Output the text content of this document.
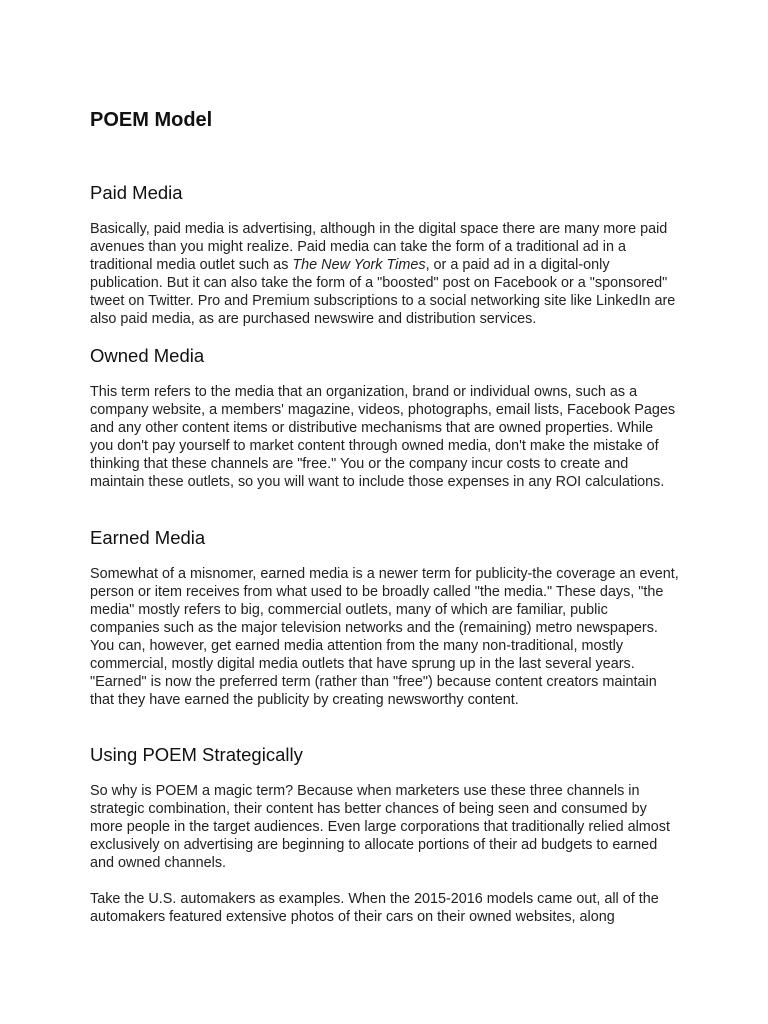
POEM Model
Paid Media

Basically, paid media is advertising, although in the digital space there are many more paid avenues than you might realize. Paid media can take the form of a traditional ad in a traditional media outlet such as The New York Times, or a paid ad in a digital-only publication. But it can also take the form of a "boosted" post on Facebook or a "sponsored" tweet on Twitter. Pro and Premium subscriptions to a social networking site like LinkedIn are also paid media, as are purchased newswire and distribution services.

Owned Media

This term refers to the media that an organization, brand or individual owns, such as a company website, a members' magazine, videos, photographs, email lists, Facebook Pages and any other content items or distributive mechanisms that are owned properties. While you don't pay yourself to market content through owned media, don't make the mistake of thinking that these channels are "free." You or the company incur costs to create and maintain these outlets, so you will want to include those expenses in any ROI calculations.

Earned Media

Somewhat of a misnomer, earned media is a newer term for publicity-the coverage an event, person or item receives from what used to be broadly called "the media." These days, "the media" mostly refers to big, commercial outlets, many of which are familiar, public companies such as the major television networks and the (remaining) metro newspapers. You can, however, get earned media attention from the many non-traditional, mostly commercial, mostly digital media outlets that have sprung up in the last several years. "Earned" is now the preferred term (rather than "free") because content creators maintain that they have earned the publicity by creating newsworthy content.

Using POEM Strategically

So why is POEM a magic term? Because when marketers use these three channels in strategic combination, their content has better chances of being seen and consumed by more people in the target audiences. Even large corporations that traditionally relied almost exclusively on advertising are beginning to allocate portions of their ad budgets to earned and owned channels.

Take the U.S. automakers as examples. When the 2015-2016 models came out, all of the automakers featured extensive photos of their cars on their owned websites, along
